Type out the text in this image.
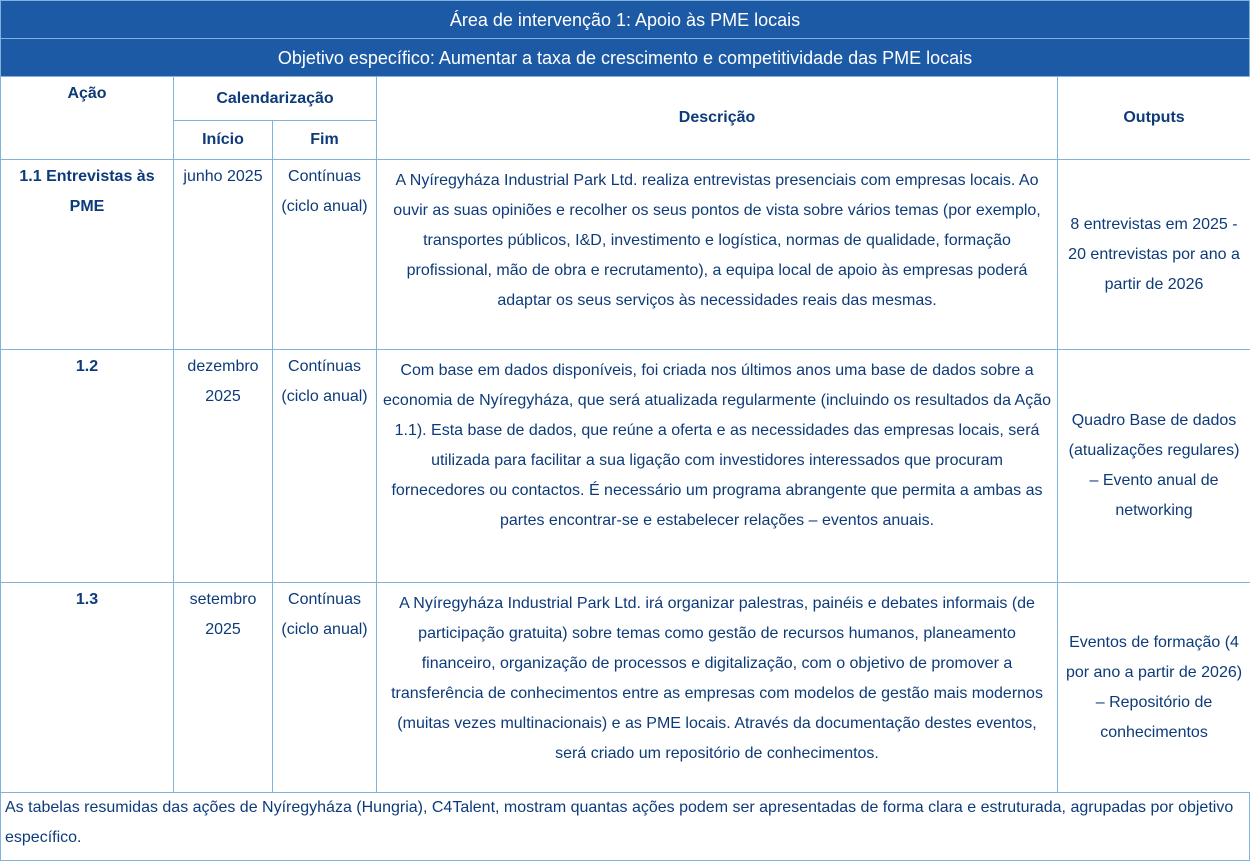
Área de intervenção 1: Apoio às PME locais
Objetivo específico: Aumentar a taxa de crescimento e competitividade das PME locais
Ação	Calendarização		Descrição	Outputs
	Início	Fim		
1.1 Entrevistas às PME	junho 2025	Contínuas (ciclo anual)	A Nyíregyháza Industrial Park Ltd. realiza entrevistas presenciais com empresas locais. Ao ouvir as suas opiniões e recolher os seus pontos de vista sobre vários temas (por exemplo, transportes públicos, I&D, investimento e logística, normas de qualidade, formação profissional, mão de obra e recrutamento), a equipa local de apoio às empresas poderá adaptar os seus serviços às necessidades reais das mesmas.	8 entrevistas em 2025 - 20 entrevistas por ano a partir de 2026
1.2	dezembro 2025	Contínuas (ciclo anual)	Com base em dados disponíveis, foi criada nos últimos anos uma base de dados sobre a economia de Nyíregyháza, que será atualizada regularmente (incluindo os resultados da Ação 1.1). Esta base de dados, que reúne a oferta e as necessidades das empresas locais, será utilizada para facilitar a sua ligação com investidores interessados que procuram fornecedores ou contactos. É necessário um programa abrangente que permita a ambas as partes encontrar-se e estabelecer relações – eventos anuais.	Quadro Base de dados (atualizações regulares) – Evento anual de networking
1.3	setembro 2025	Contínuas (ciclo anual)	A Nyíregyháza Industrial Park Ltd. irá organizar palestras, painéis e debates informais (de participação gratuita) sobre temas como gestão de recursos humanos, planeamento financeiro, organização de processos e digitalização, com o objetivo de promover a transferência de conhecimentos entre as empresas com modelos de gestão mais modernos (muitas vezes multinacionais) e as PME locais. Através da documentação destes eventos, será criado um repositório de conhecimentos.	Eventos de formação (4 por ano a partir de 2026) – Repositório de conhecimentos
As tabelas resumidas das ações de Nyíregyháza (Hungria), C4Talent, mostram quantas ações podem ser apresentadas de forma clara e estruturada, agrupadas por objetivo específico.
